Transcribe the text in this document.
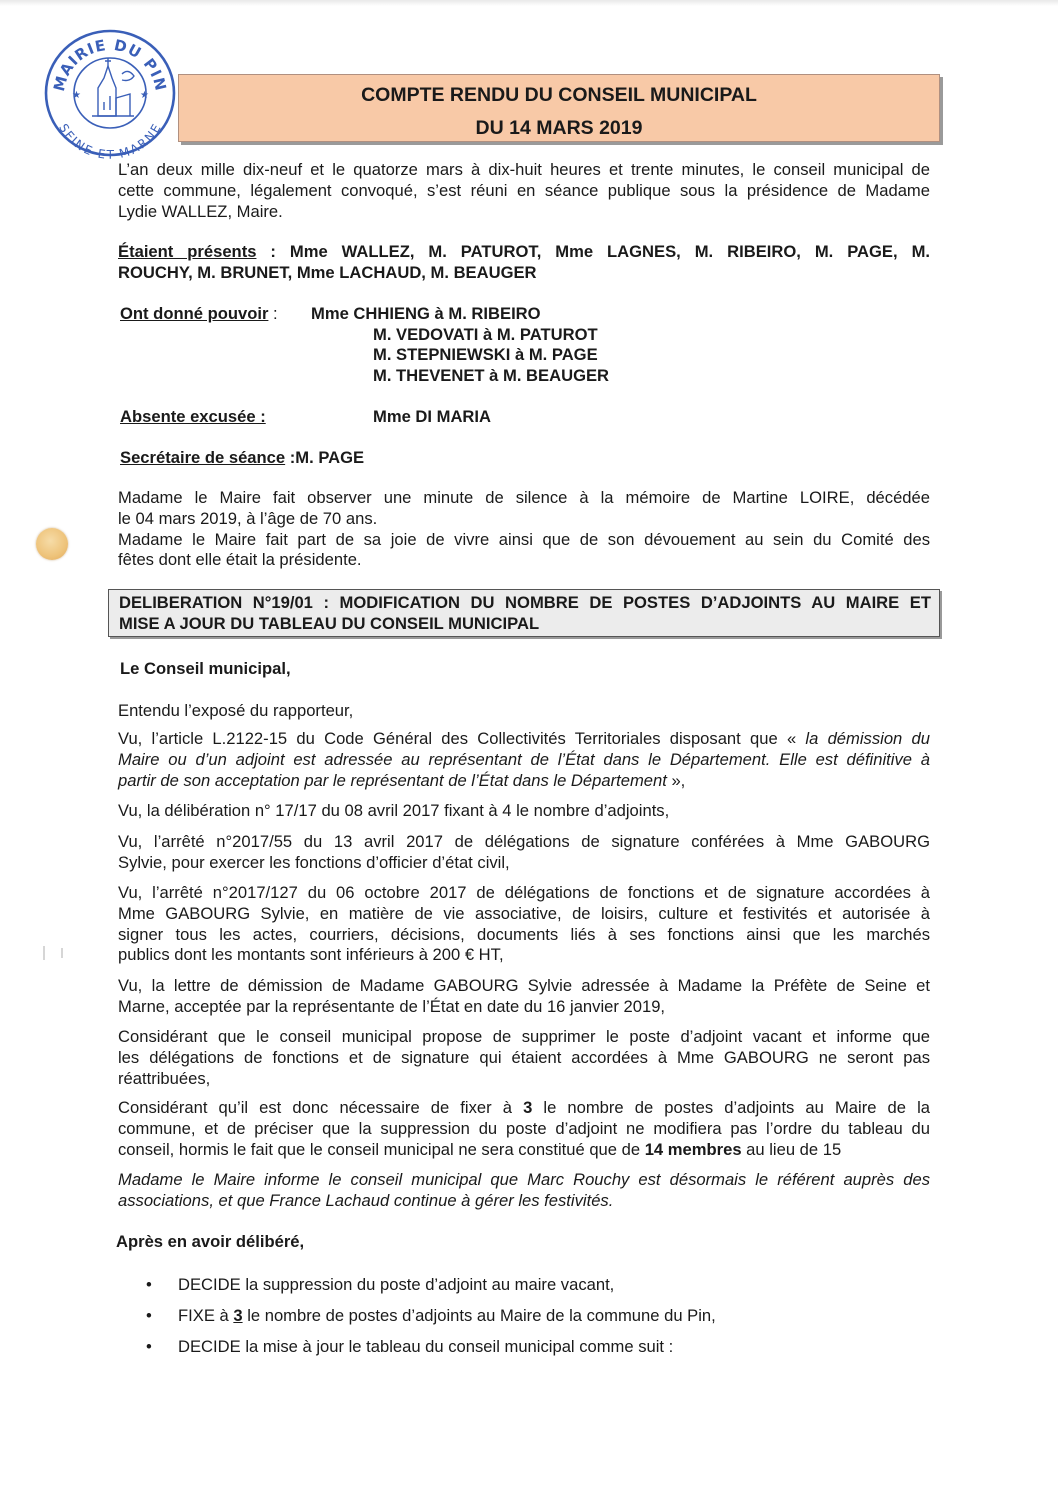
MAIRIE DU PIN
SEINE-ET-MARNE
★	★	COMPTE RENDU DU CONSEIL MUNICIPAL
DU 14 MARS 2019
L’an deux mille dix-neuf et le quatorze mars à dix-huit heures et trente minutes, le conseil municipal de
cette commune, légalement convoqué, s’est réuni en séance publique sous la présidence de Madame
Lydie WALLEZ, Maire.
Étaient présents : Mme WALLEZ, M. PATUROT, Mme LAGNES, M. RIBEIRO, M. PAGE, M.
ROUCHY, M. BRUNET, Mme LACHAUD, M. BEAUGER
Ont donné pouvoir : Mme CHHIENG à M. RIBEIRO
M. VEDOVATI à M. PATUROT
M. STEPNIEWSKI à M. PAGE
M. THEVENET à M. BEAUGER
Absente excusée :	Mme DI MARIA
Secrétaire de séance :M. PAGE
Madame le Maire fait observer une minute de silence à la mémoire de Martine LOIRE, décédée
le 04 mars 2019, à l’âge de 70 ans.
Madame le Maire fait part de sa joie de vivre ainsi que de son dévouement au sein du Comité des
fêtes dont elle était la présidente.
DELIBERATION N°19/01 : MODIFICATION DU NOMBRE DE POSTES D’ADJOINTS AU MAIRE ET
MISE A JOUR DU TABLEAU DU CONSEIL MUNICIPAL
Le Conseil municipal,
Entendu l’exposé du rapporteur,
Vu, l’article L.2122-15 du Code Général des Collectivités Territoriales disposant que « la démission du
Maire ou d’un adjoint est adressée au représentant de l’État dans le Département. Elle est définitive à
partir de son acceptation par le représentant de l’État dans le Département »,
Vu, la délibération n° 17/17 du 08 avril 2017 fixant à 4 le nombre d’adjoints,
Vu, l’arrêté n°2017/55 du 13 avril 2017 de délégations de signature conférées à Mme GABOURG
Sylvie, pour exercer les fonctions d’officier d’état civil,
Vu, l’arrêté n°2017/127 du 06 octobre 2017 de délégations de fonctions et de signature accordées à
Mme GABOURG Sylvie, en matière de vie associative, de loisirs, culture et festivités et autorisée à
signer tous les actes, courriers, décisions, documents liés à ses fonctions ainsi que les marchés
publics dont les montants sont inférieurs à 200 € HT,
Vu, la lettre de démission de Madame GABOURG Sylvie adressée à Madame la Préfète de Seine et
Marne, acceptée par la représentante de l’État en date du 16 janvier 2019,
Considérant que le conseil municipal propose de supprimer le poste d’adjoint vacant et informe que
les délégations de fonctions et de signature qui étaient accordées à Mme GABOURG ne seront pas
réattribuées,
Considérant qu’il est donc nécessaire de fixer à 3 le nombre de postes d’adjoints au Maire de la
commune, et de préciser que la suppression du poste d’adjoint ne modifiera pas l’ordre du tableau du
conseil, hormis le fait que le conseil municipal ne sera constitué que de 14 membres au lieu de 15
Madame le Maire informe le conseil municipal que Marc Rouchy est désormais le référent auprès des
associations, et que France Lachaud continue à gérer les festivités.
Après en avoir délibéré,
• DECIDE la suppression du poste d’adjoint au maire vacant,
• FIXE à 3 le nombre de postes d’adjoints au Maire de la commune du Pin,
• DECIDE la mise à jour le tableau du conseil municipal comme suit :
